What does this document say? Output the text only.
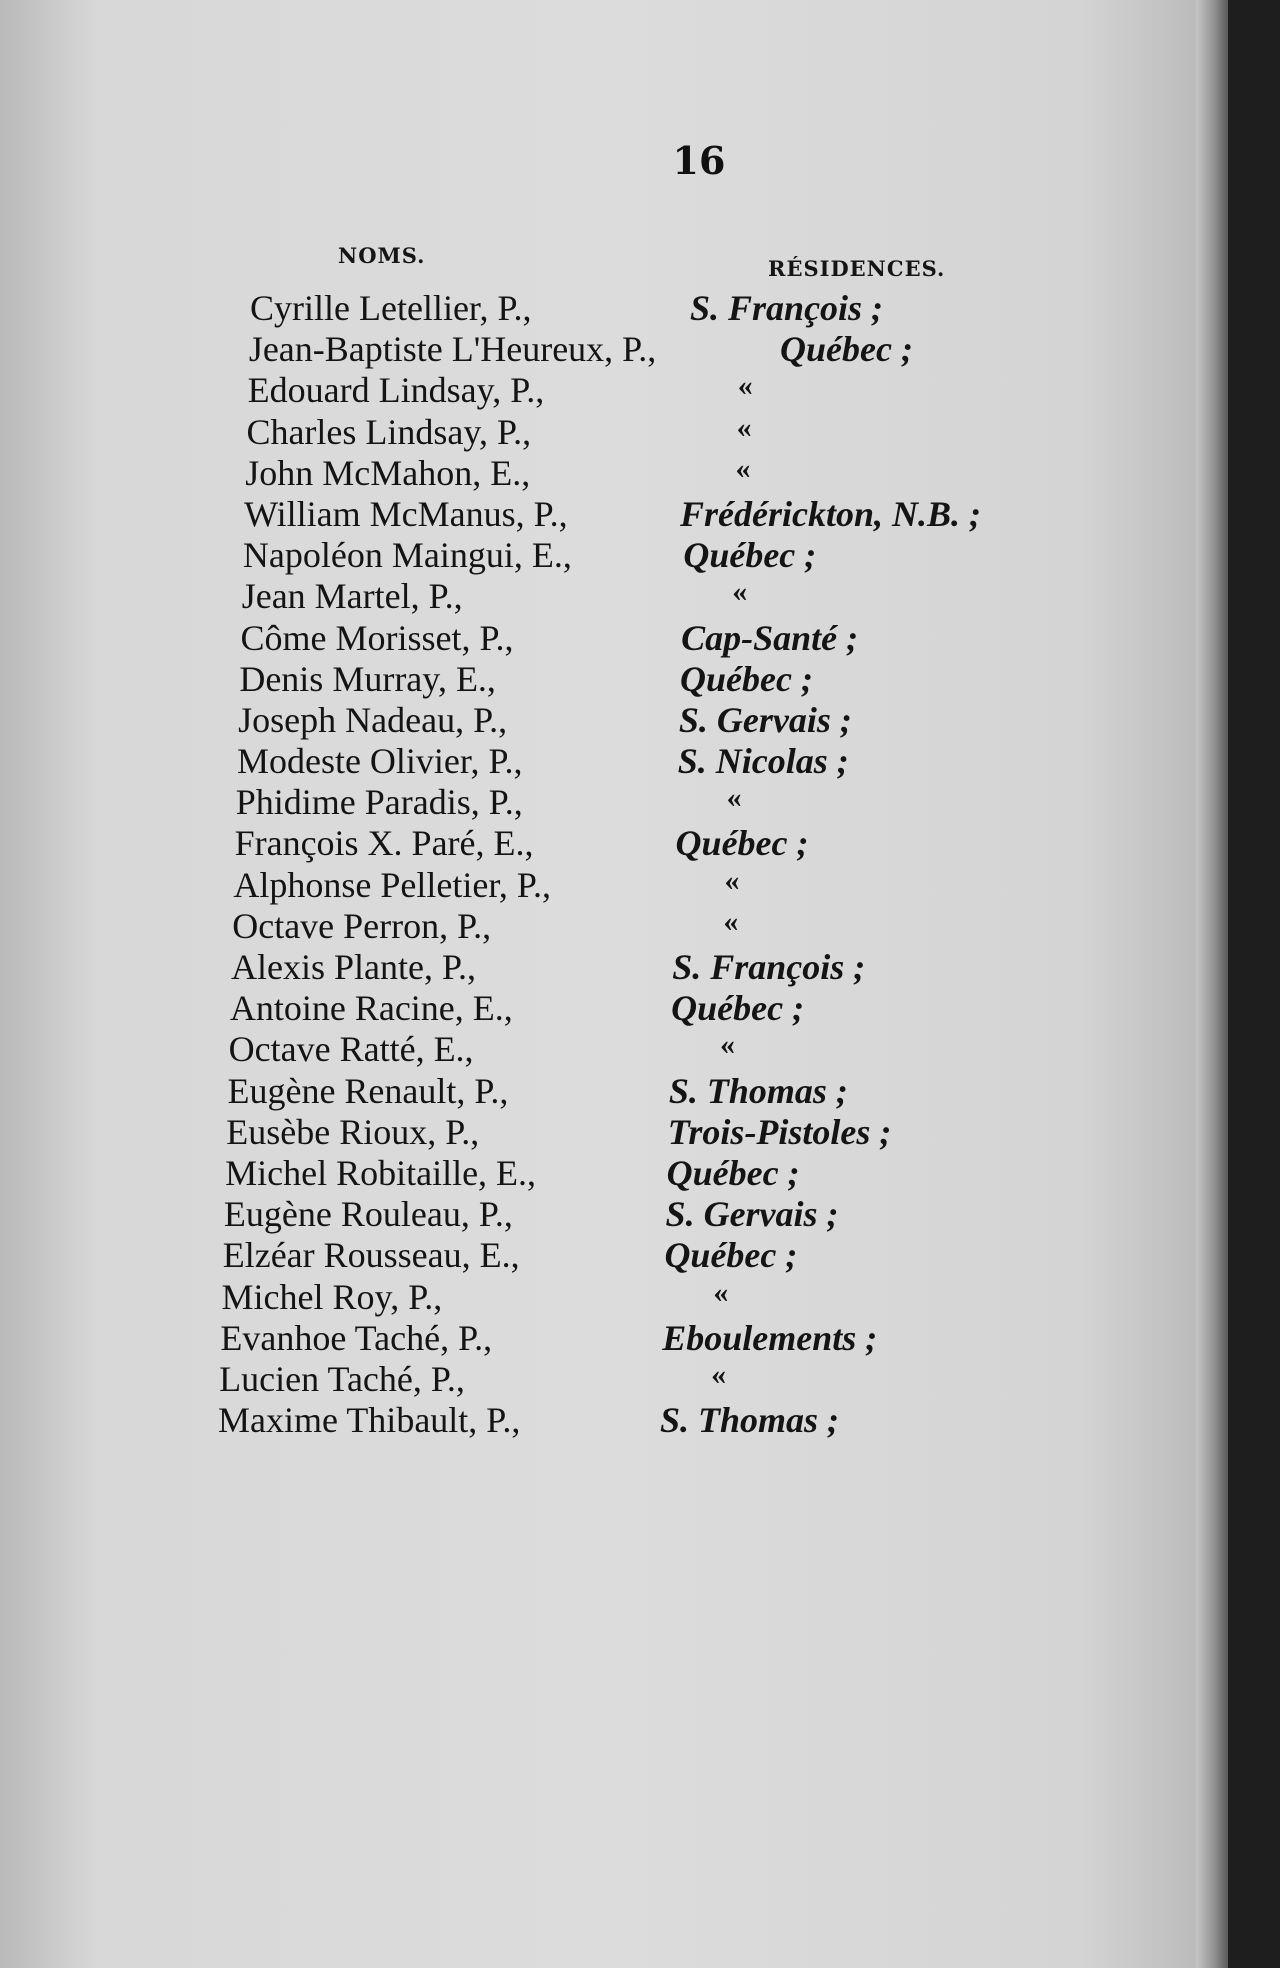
16
NOMS.
RÉSIDENCES.
Cyrille Letellier, P.,	S. François ;
Jean-Baptiste L'Heureux, P.,	Québec ;
Edouard Lindsay, P.,	«
Charles Lindsay, P.,	«
John McMahon, E.,	«
William McManus, P.,	Frédérickton, N.B. ;
Napoléon Maingui, E.,	Québec ;
Jean Martel, P.,	«
Côme Morisset, P.,	Cap-Santé ;
Denis Murray, E.,	Québec ;
Joseph Nadeau, P.,	S. Gervais ;
Modeste Olivier, P.,	S. Nicolas ;
Phidime Paradis, P.,	«
François X. Paré, E.,	Québec ;
Alphonse Pelletier, P.,	«
Octave Perron, P.,	«
Alexis Plante, P.,	S. François ;
Antoine Racine, E.,	Québec ;
Octave Ratté, E.,	«
Eugène Renault, P.,	S. Thomas ;
Eusèbe Rioux, P.,	Trois-Pistoles ;
Michel Robitaille, E.,	Québec ;
Eugène Rouleau, P.,	S. Gervais ;
Elzéar Rousseau, E.,	Québec ;
Michel Roy, P.,	«
Evanhoe Taché, P.,	Eboulements ;
Lucien Taché, P.,	«
Maxime Thibault, P.,	S. Thomas ;
